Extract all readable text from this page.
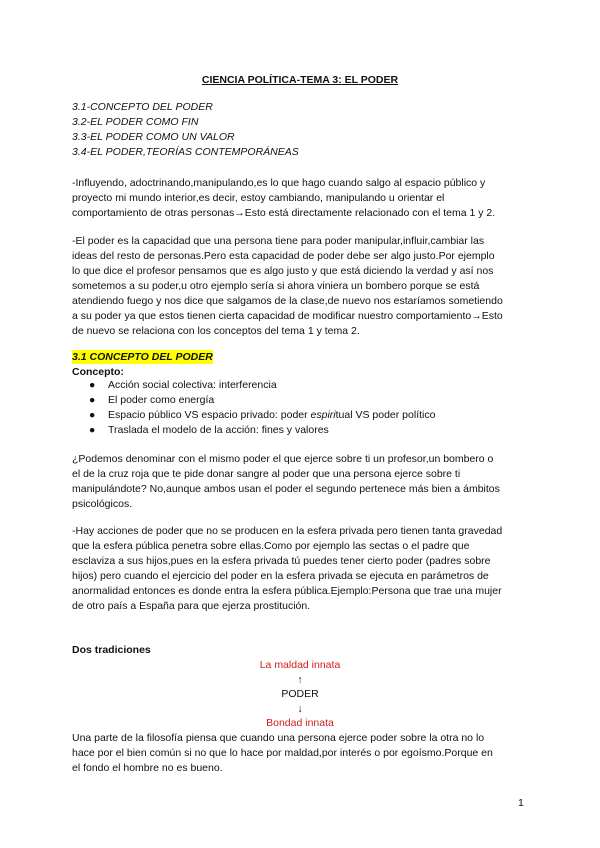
CIENCIA POLÍTICA-TEMA 3: EL PODER
3.1-CONCEPTO DEL PODER
3.2-EL PODER COMO FIN
3.3-EL PODER COMO UN VALOR
3.4-EL PODER,TEORÍAS CONTEMPORÁNEAS
-Influyendo, adoctrinando,manipulando,es lo que hago cuando salgo al espacio público y
proyecto mi mundo interior,es decir, estoy cambiando, manipulando u orientar el
comportamiento de otras personas→Esto está directamente relacionado con el tema 1 y 2.
-El poder es la capacidad que una persona tiene para poder manipular,influir,cambiar las
ideas del resto de personas.Pero esta capacidad de poder debe ser algo justo.Por ejemplo
lo que dice el profesor pensamos que es algo justo y que está diciendo la verdad y así nos
sometemos a su poder,u otro ejemplo sería si ahora viniera un bombero porque se está
atendiendo fuego y nos dice que salgamos de la clase,de nuevo nos estaríamos sometiendo
a su poder ya que estos tienen cierta capacidad de modificar nuestro comportamiento→Esto
de nuevo se relaciona con los conceptos del tema 1 y tema 2.
3.1 CONCEPTO DEL PODER
Concepto:
● Acción social colectiva: interferencia
● El poder como energía
● Espacio público VS espacio privado: poder espiritual VS poder político
● Traslada el modelo de la acción: fines y valores
¿Podemos denominar con el mismo poder el que ejerce sobre ti un profesor,un bombero o
el de la cruz roja que te pide donar sangre al poder que una persona ejerce sobre ti
manipulándote? No,aunque ambos usan el poder el segundo pertenece más bien a ámbitos
psicológicos.
-Hay acciones de poder que no se producen en la esfera privada pero tienen tanta gravedad
que la esfera pública penetra sobre ellas.Como por ejemplo las sectas o el padre que
esclaviza a sus hijos,pues en la esfera privada tú puedes tener cierto poder (padres sobre
hijos) pero cuando el ejercicio del poder en la esfera privada se ejecuta en parámetros de
anormalidad entonces es donde entra la esfera pública.Ejemplo:Persona que trae una mujer
de otro país a España para que ejerza prostitución.
Dos tradiciones
La maldad innata
↑
PODER
↓
Bondad innata
Una parte de la filosofía piensa que cuando una persona ejerce poder sobre la otra no lo
hace por el bien común si no que lo hace por maldad,por interés o por egoísmo.Porque en
el fondo el hombre no es bueno.
1
